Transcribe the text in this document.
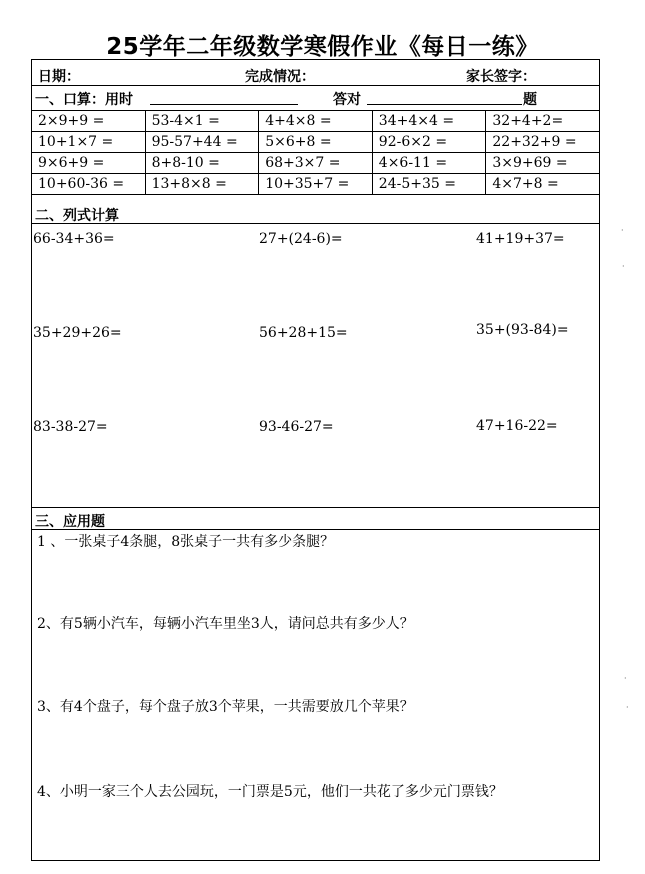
25学年二年级数学寒假作业《每日一练》
日期：	完成情况：	家长签字：
一、口算：用时	答对	题
2×9+9 =	53-4×1 =	4+4×8 =	34+4×4 =	32+4+2=
10+1×7 =	95-57+44 =	5×6+8 =	92-6×2 =	22+32+9 =
9×6+9 =	8+8-10 =	68+3×7 =	4×6-11 =	3×9+69 =
10+60-36 =	13+8×8 =	10+35+7 =	24-5+35 =	4×7+8 =
二、列式计算
66-34+36=	27+(24-6)=	41+19+37=
35+29+26=	56+28+15=	35+(93-84)=
83-38-27=	93-46-27=	47+16-22=
三、应用题
1 、一张桌子4条腿，8张桌子一共有多少条腿？
2、有5辆小汽车，每辆小汽车里坐3人，请问总共有多少人？
3、有4个盘子，每个盘子放3个苹果，一共需要放几个苹果？
4、小明一家三个人去公园玩，一门票是5元，他们一共花了多少元门票钱？
·
·
·
·
